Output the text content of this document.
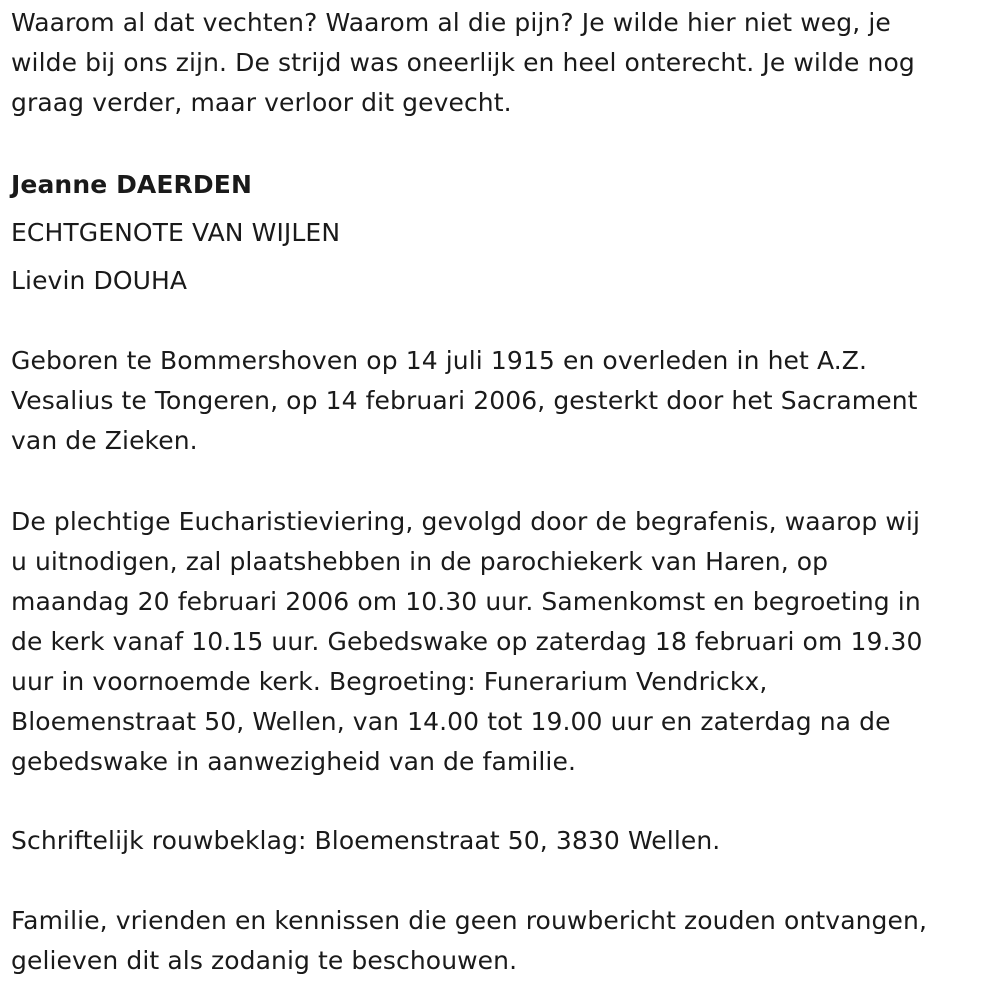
Waarom al dat vechten? Waarom al die pijn? Je wilde hier niet weg, je
wilde bij ons zijn. De strijd was oneerlijk en heel onterecht. Je wilde nog
graag verder, maar verloor dit gevecht.

Jeanne DAERDEN

ECHTGENOTE VAN WIJLEN

Lievin DOUHA

Geboren te Bommershoven op 14 juli 1915 en overleden in het A.Z.
Vesalius te Tongeren, op 14 februari 2006, gesterkt door het Sacrament
van de Zieken.

De plechtige Eucharistieviering, gevolgd door de begrafenis, waarop wij
u uitnodigen, zal plaatshebben in de parochiekerk van Haren, op
maandag 20 februari 2006 om 10.30 uur. Samenkomst en begroeting in
de kerk vanaf 10.15 uur. Gebedswake op zaterdag 18 februari om 19.30
uur in voornoemde kerk. Begroeting: Funerarium Vendrickx,
Bloemenstraat 50, Wellen, van 14.00 tot 19.00 uur en zaterdag na de
gebedswake in aanwezigheid van de familie.

Schriftelijk rouwbeklag: Bloemenstraat 50, 3830 Wellen.

Familie, vrienden en kennissen die geen rouwbericht zouden ontvangen,
gelieven dit als zodanig te beschouwen.
